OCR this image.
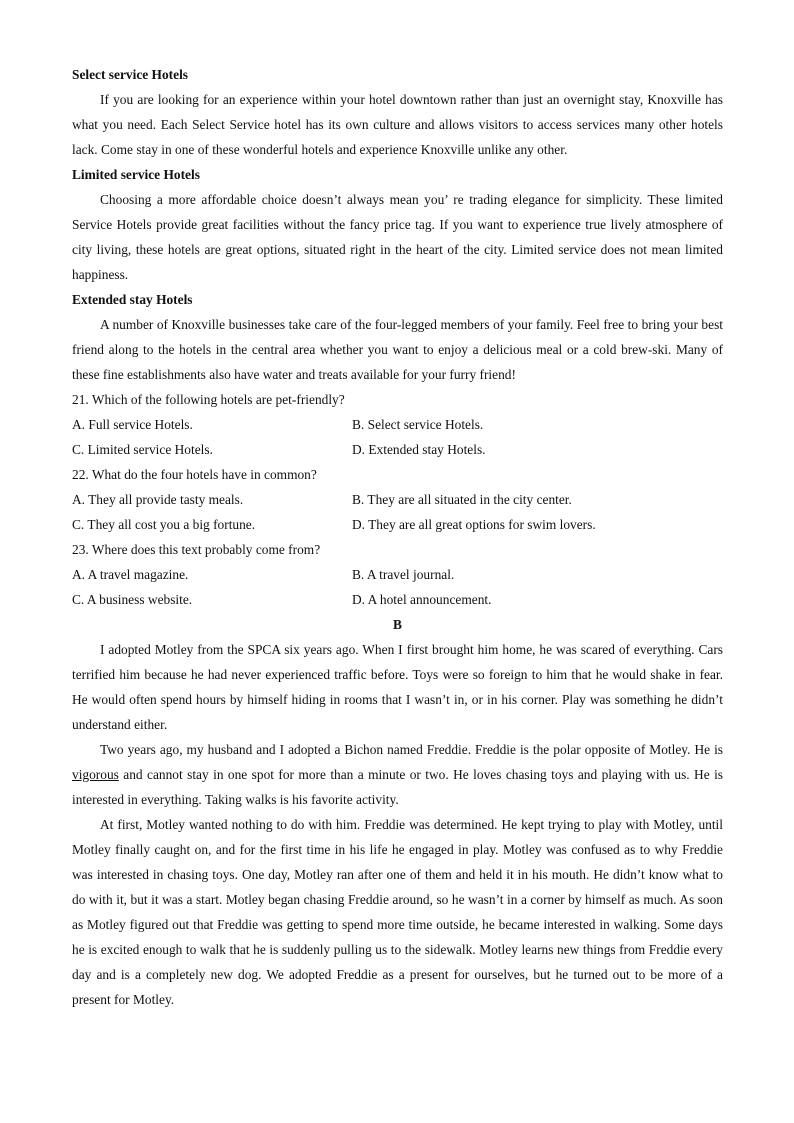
Select service Hotels

If you are looking for an experience within your hotel downtown rather than just an overnight stay, Knoxville has what you need. Each Select Service hotel has its own culture and allows visitors to access services many other hotels lack. Come stay in one of these wonderful hotels and experience Knoxville unlike any other.

Limited service Hotels

Choosing a more affordable choice doesn’t always mean you’ re trading elegance for simplicity. These limited Service Hotels provide great facilities without the fancy price tag. If you want to experience true lively atmosphere of city living, these hotels are great options, situated right in the heart of the city. Limited service does not mean limited happiness.

Extended stay Hotels

A number of Knoxville businesses take care of the four-legged members of your family. Feel free to bring your best friend along to the hotels in the central area whether you want to enjoy a delicious meal or a cold brew-ski. Many of these fine establishments also have water and treats available for your furry friend!

21. Which of the following hotels are pet-friendly?

A. Full service Hotels.	B. Select service Hotels.
C. Limited service Hotels.	D. Extended stay Hotels.

22. What do the four hotels have in common?

A. They all provide tasty meals.	B. They are all situated in the city center.
C. They all cost you a big fortune.	D. They are all great options for swim lovers.

23. Where does this text probably come from?

A. A travel magazine.	B. A travel journal.
C. A business website.	D. A hotel announcement.

B

I adopted Motley from the SPCA six years ago. When I first brought him home, he was scared of everything. Cars terrified him because he had never experienced traffic before. Toys were so foreign to him that he would shake in fear. He would often spend hours by himself hiding in rooms that I wasn’t in, or in his corner. Play was something he didn’t understand either.

Two years ago, my husband and I adopted a Bichon named Freddie. Freddie is the polar opposite of Motley. He is vigorous and cannot stay in one spot for more than a minute or two. He loves chasing toys and playing with us. He is interested in everything. Taking walks is his favorite activity.

At first, Motley wanted nothing to do with him. Freddie was determined. He kept trying to play with Motley, until Motley finally caught on, and for the first time in his life he engaged in play. Motley was confused as to why Freddie was interested in chasing toys. One day, Motley ran after one of them and held it in his mouth. He didn’t know what to do with it, but it was a start. Motley began chasing Freddie around, so he wasn’t in a corner by himself as much. As soon as Motley figured out that Freddie was getting to spend more time outside, he became interested in walking. Some days he is excited enough to walk that he is suddenly pulling us to the sidewalk. Motley learns new things from Freddie every day and is a completely new dog. We adopted Freddie as a present for ourselves, but he turned out to be more of a present for Motley.
